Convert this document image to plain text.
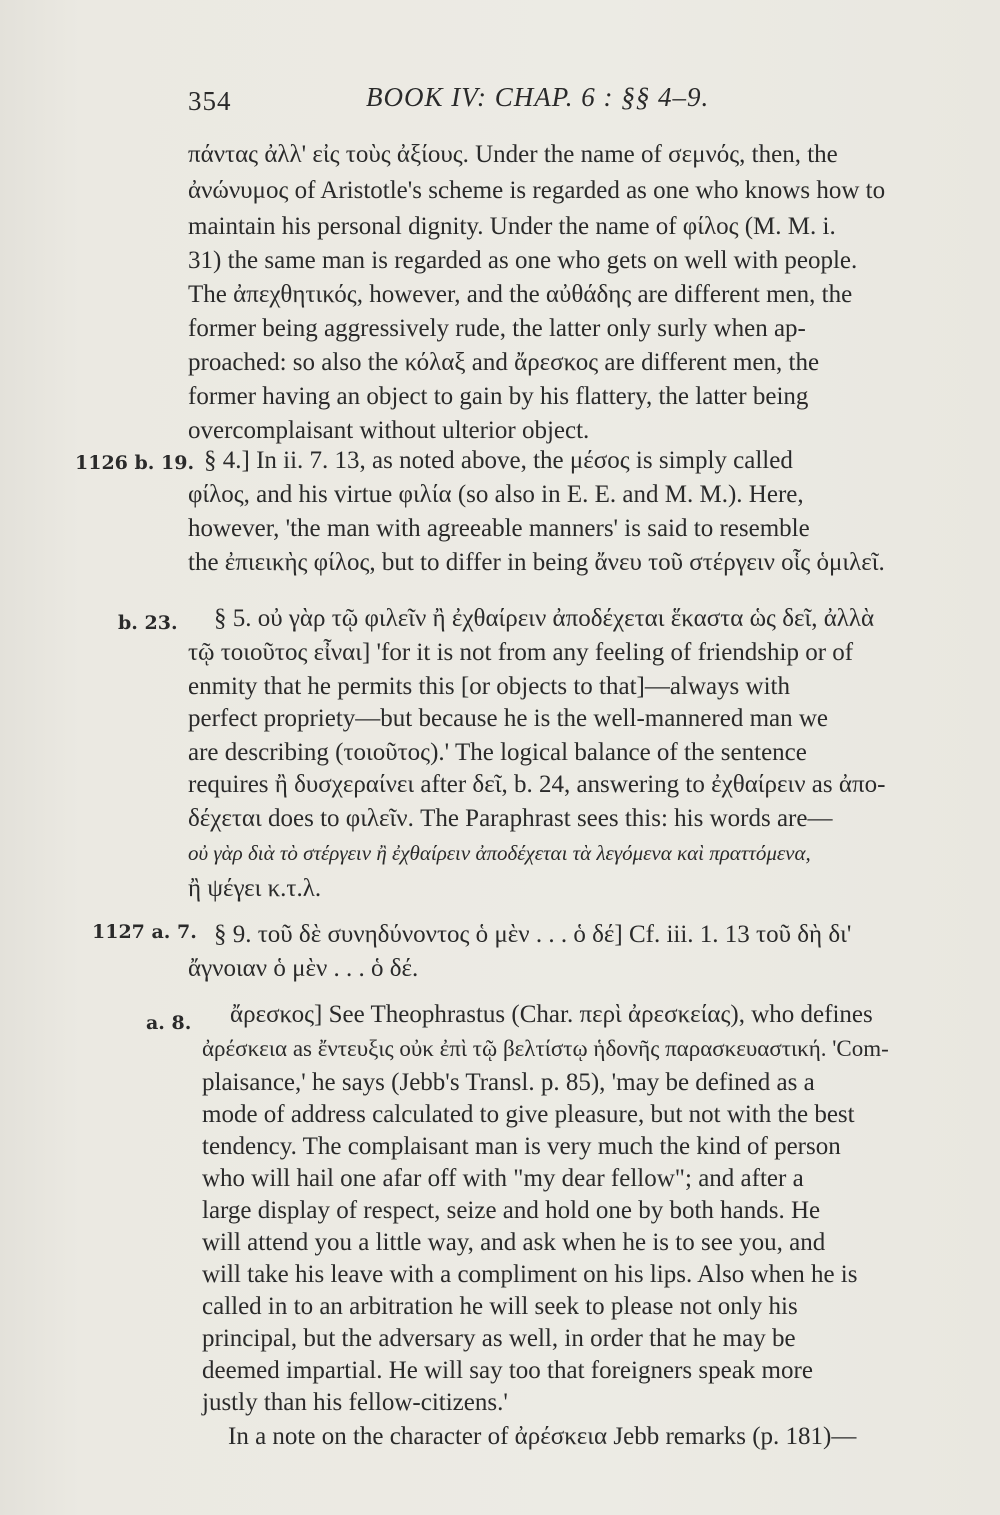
354	BOOK IV: CHAP. 6 : §§ 4–9.
1126 b. 19.
b. 23.
1127 a. 7.
a. 8.
πάντας ἀλλ' εἰς τοὺς ἀξίους. Under the name of σεμνός, then, the
ἀνώνυμος of Aristotle's scheme is regarded as one who knows how to
maintain his personal dignity. Under the name of φίλος (M. M. i.
31) the same man is regarded as one who gets on well with people.
The ἀπεχθητικός, however, and the αὐθάδης are different men, the
former being aggressively rude, the latter only surly when ap-
proached: so also the κόλαξ and ἄρεσκος are different men, the
former having an object to gain by his flattery, the latter being
overcomplaisant without ulterior object.
§ 4.] In ii. 7. 13, as noted above, the μέσος is simply called
φίλος, and his virtue φιλία (so also in E. E. and M. M.). Here,
however, 'the man with agreeable manners' is said to resemble
the ἐπιεικὴς φίλος, but to differ in being ἄνευ τοῦ στέργειν οἷς ὁμιλεῖ.
§ 5. οὐ γὰρ τῷ φιλεῖν ἢ ἐχθαίρειν ἀποδέχεται ἕκαστα ὡς δεῖ, ἀλλὰ
τῷ τοιοῦτος εἶναι] 'for it is not from any feeling of friendship or of
enmity that he permits this [or objects to that]—always with
perfect propriety—but because he is the well-mannered man we
are describing (τοιοῦτος).' The logical balance of the sentence
requires ἢ δυσχεραίνει after δεῖ, b. 24, answering to ἐχθαίρειν as ἀπο-
δέχεται does to φιλεῖν. The Paraphrast sees this: his words are—
οὐ γὰρ διὰ τὸ στέργειν ἢ ἐχθαίρειν ἀποδέχεται τὰ λεγόμενα καὶ πραττόμενα,
ἢ ψέγει κ.τ.λ.
§ 9. τοῦ δὲ συνηδύνοντος ὁ μὲν . . . ὁ δέ] Cf. iii. 1. 13 τοῦ δὴ δι'
ἄγνοιαν ὁ μὲν . . . ὁ δέ.
ἄρεσκος] See Theophrastus (Char. περὶ ἀρεσκείας), who defines
ἀρέσκεια as ἔντευξις οὐκ ἐπὶ τῷ βελτίστῳ ἡδονῆς παρασκευαστική. 'Com-
plaisance,' he says (Jebb's Transl. p. 85), 'may be defined as a
mode of address calculated to give pleasure, but not with the best
tendency. The complaisant man is very much the kind of person
who will hail one afar off with "my dear fellow"; and after a
large display of respect, seize and hold one by both hands. He
will attend you a little way, and ask when he is to see you, and
will take his leave with a compliment on his lips. Also when he is
called in to an arbitration he will seek to please not only his
principal, but the adversary as well, in order that he may be
deemed impartial. He will say too that foreigners speak more
justly than his fellow-citizens.'
In a note on the character of ἀρέσκεια Jebb remarks (p. 181)—
